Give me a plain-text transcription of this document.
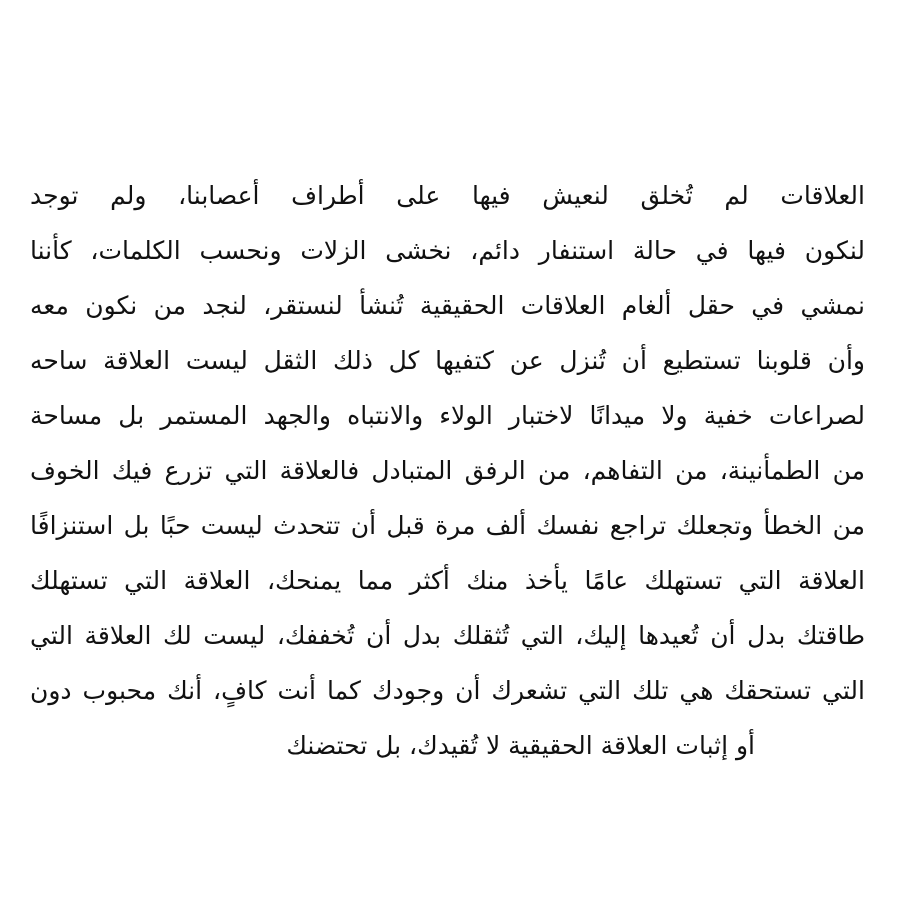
العلاقات لم تُخلق لنعيش فيها على أطراف أعصابنا، ولم توجد
لنكون فيها في حالة استنفار دائم، نخشى الزلات ونحسب الكلمات، كأننا
نمشي في حقل ألغام العلاقات الحقيقية تُنشأ لنستقر، لنجد من نكون معه
وأن قلوبنا تستطيع أن تُنزل عن كتفيها كل ذلك الثقل ليست العلاقة ساحه
لصراعات خفية ولا ميدانًا لاختبار الولاء والانتباه والجهد المستمر بل مساحة
من الطمأنينة، من التفاهم، من الرفق المتبادل فالعلاقة التي تزرع فيك الخوف
من الخطأ وتجعلك تراجع نفسك ألف مرة قبل أن تتحدث ليست حبًا بل استنزافًا
العلاقة التي تستهلك عامًا يأخذ منك أكثر مما يمنحك، العلاقة التي تستهلك
طاقتك بدل أن تُعيدها إليك، التي تُثقلك بدل أن تُخففك، ليست لك العلاقة التي
التي تستحقك هي تلك التي تشعرك أن وجودك كما أنت كافٍ، أنك محبوب دون
أو إثبات العلاقة الحقيقية لا تُقيدك، بل تحتضنك
